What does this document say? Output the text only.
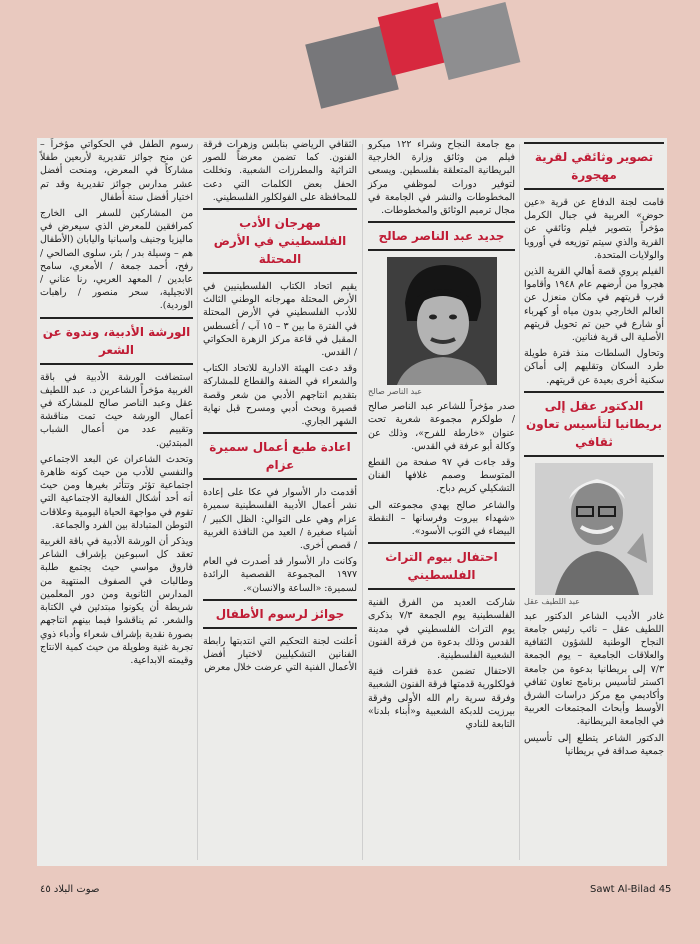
تصوير وثائقي لقرية مهجورة

قامت لجنة الدفاع عن قرية «عين حوض» العربية في جبال الكرمل مؤخراً بتصوير فيلم وثائقي عن القرية والذي سيتم توزيعه في أوروبا والولايات المتحدة.

الفيلم يروي قصة أهالي القرية الذين هجروا من أرضهم عام ١٩٤٨ وأقاموا قرب قريتهم في مكان منعزل عن العالم الخارجي بدون مياه أو كهرباء أو شارع في حين تم تحويل قريتهم الأصلية الى قرية فنانين.

وتحاول السلطات منذ فترة طويلة طرد السكان وتقليهم إلى أماكن سكنية أخرى بعيدة عن قريتهم.

الدكتور عقل إلى بريطانيا لتأسيس تعاون ثقافي
عبد اللطيف عقل

غادر الأديب الشاعر الدكتور عبد اللطيف عقل – نائب رئيس جامعة النجاح الوطنية للشؤون الثقافية والعلاقات الجامعية – يوم الجمعة ٧/٣ إلى بريطانيا بدعوة من جامعة اكستر لتأسيس برنامج تعاون ثقافي وأكاديمي مع مركز دراسات الشرق الأوسط وأبحاث المجتمعات العربية في الجامعة البريطانية.

الدكتور الشاعر يتطلع إلى تأسيس جمعية صداقة في بريطانيا

مع جامعة النجاح وشراء ١٢٢ ميكرو فيلم من وثائق وزارة الخارجية البريطانية المتعلقة بفلسطين. ويسعى لتوفير دورات لموظفي مركز المخطوطات والنشر في الجامعة في مجال ترميم الوثائق والمخطوطات.

جديد عبد الناصر صالح
عبد الناصر صالح

صدر مؤخراً للشاعر عبد الناصر صالح / طولكرم مجموعة شعرية تحت عنوان «خارطة للفرح»، وذلك عن وكالة أبو عرفة في القدس.

وقد جاءت في ٩٧ صفحة من القطع المتوسط وصمم غلافها الفنان التشكيلي كريم دباح.

والشاعر صالح يهدي مجموعته الى «شهداء بيروت وفرسانها – النقطة البيضاء في الثوب الأسود».

احتفال بيوم التراث الفلسطيني

شاركت العديد من الفرق الفنية الفلسطينية يوم الجمعة ٧/٣ بذكرى يوم التراث الفلسطيني في مدينة القدس وذلك بدعوة من فرقة الفنون الشعبية الفلسطينية.

الاحتفال تضمن عدة فقرات فنية فولكلورية قدمتها فرقة الفنون الشعبية وفرقة سرية رام الله الأولى وفرقة بيرزيت للدبكة الشعبية و«أبناء بلدنا» التابعة للنادي

الثقافي الرياضي بنابلس وزهرات فرقة الفنون. كما تضمن معرضاً للصور التراثية والمطرزات الشعبية. وتخللت الحفل بعض الكلمات التي دعت للمحافظة على الفولكلور الفلسطيني.

مهرجان الأدب الفلسطيني في الأرض المحتلة

يقيم اتحاد الكتاب الفلسطينيين في الأرض المحتلة مهرجانه الوطني الثالث للأدب الفلسطيني في الأرض المحتلة في الفترة ما بين ٣ – ١٥ آب / أغسطس المقبل في قاعة مركز الزهرة الحكواتي / القدس.

وقد دعت الهيئة الادارية للاتحاد الكتاب والشعراء في الضفة والقطاع للمشاركة بتقديم انتاجهم الأدبي من شعر وقصة قصيرة وبحث أدبي ومسرح قبل نهاية الشهر الجاري.

اعادة طبع أعمال سميرة عزام

أقدمت دار الأسوار في عكا على إعادة نشر أعمال الأديبة الفلسطينية سميرة عزام وهي على التوالي: الظل الكبير / أشياء صغيرة / العيد من النافذة الغربية / قصص أخرى.

وكانت دار الأسوار قد أصدرت في العام ١٩٧٧ المجموعة القصصية الرائدة لسميرة: «الساعة والانسان».

جوائز لرسوم الأطفال

أعلنت لجنة التحكيم التي انتدبتها رابطة الفنانين التشكيليين لاختيار أفضل الأعمال الفنية التي عرضت خلال معرض

رسوم الطفل في الحكواتي مؤخراً – عن منح جوائز تقديرية لأربعين طفلاً مشاركاً في المعرض، ومنحت أفضل عشر مدارس جوائز تقديرية وقد تم اختيار أفضل ستة أطفال

من المشاركين للسفر الى الخارج كمرافقين للمعرض الذي سيعرض في ماليزيا وجنيف واسبانيا واليابان (الأطفال هم – وسيلة بدر / بئر، سلوى الصالحي / رفح، أحمد جمعة / الأمعري، سامح عابدين / المعهد العربي، رنا عناني / الانجيلية، سحر منصور / راهبات الوردية).

الورشة الأدبية، وندوة عن الشعر

استضافت الورشة الأدبية في باقة الغربية مؤخراً الشاعرين د. عبد اللطيف عقل وعبد الناصر صالح للمشاركة في أعمال الورشة حيث تمت مناقشة وتقييم عدد من أعمال الشباب المبتدئين.

وتحدث الشاعران عن البعد الاجتماعي والنفسي للأدب من حيث كونه ظاهرة اجتماعية تؤثر وتتأثر بغيرها ومن حيث أنه أحد أشكال الفعالية الاجتماعية التي تقوم في مواجهة الحياة اليومية وعلاقات التوطن المتبادلة بين الفرد والجماعة.

ويذكر أن الورشة الأدبية في باقة الغربية تعقد كل اسبوعين بإشراف الشاعر فاروق مواسي حيث يجتمع طلبة وطالبات في الصفوف المنتهية من المدارس الثانوية ومن دور المعلمين شريطة أن يكونوا مبتدئين في الكتابة والشعر. ثم يناقشوا فيما بينهم انتاجهم بصورة نقدية بإشراف شعراء وأدباء ذوي تجربة غنية وطويلة من حيث كمية الانتاج وقيمته الابداعية.

Sawt Al-Bilad 45
صوت البلاد ٤٥
